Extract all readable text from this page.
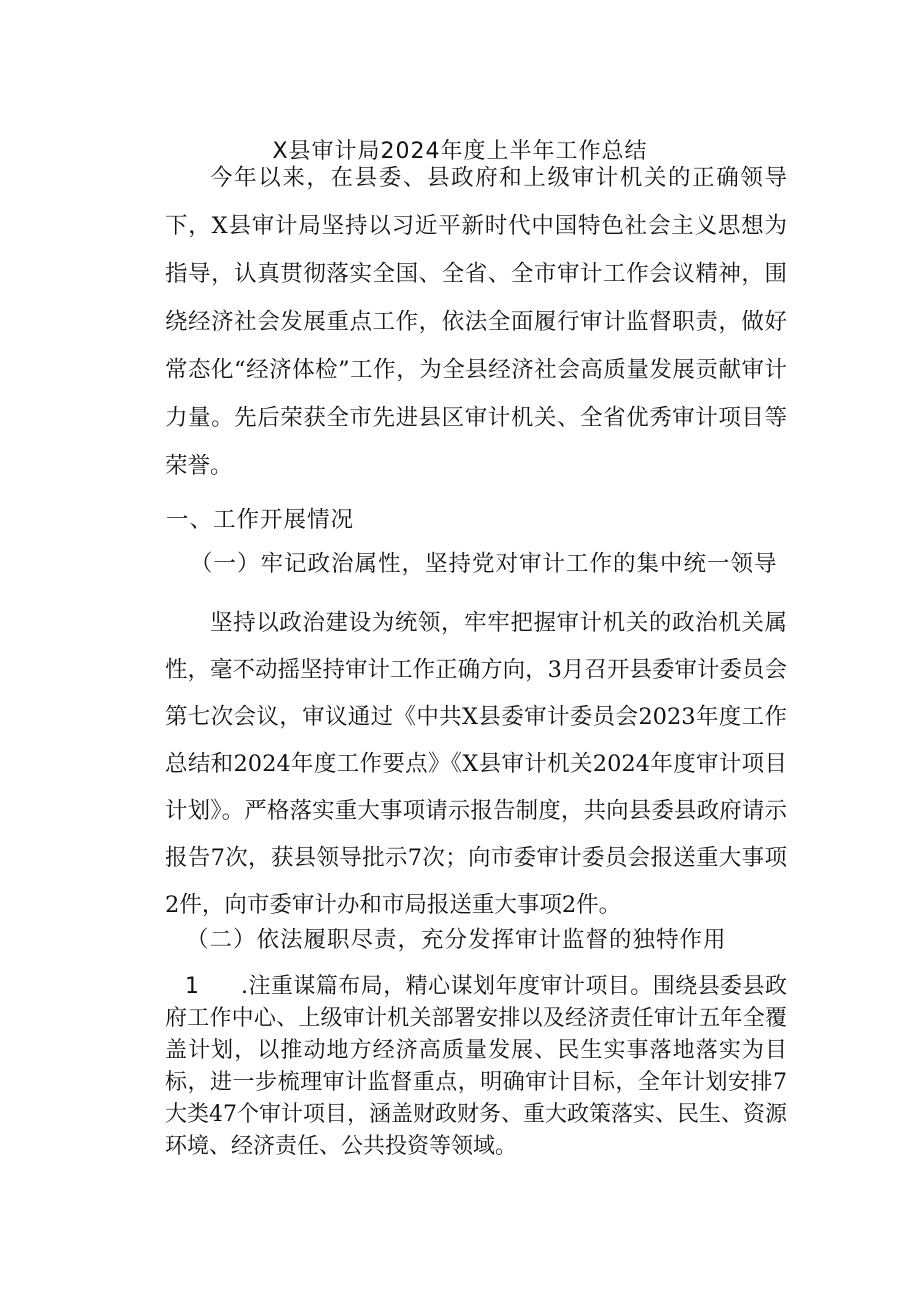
X县审计局2024年度上半年工作总结

今年以来，在县委、县政府和上级审计机关的正确领导下，X县审计局坚持以习近平新时代中国特色社会主义思想为指导，认真贯彻落实全国、全省、全市审计工作会议精神，围绕经济社会发展重点工作，依法全面履行审计监督职责，做好常态化“经济体检”工作，为全县经济社会高质量发展贡献审计力量。先后荣获全市先进县区审计机关、全省优秀审计项目等荣誉。

一、工作开展情况

（一）牢记政治属性，坚持党对审计工作的集中统一领导

坚持以政治建设为统领，牢牢把握审计机关的政治机关属性，毫不动摇坚持审计工作正确方向，3月召开县委审计委员会第七次会议，审议通过《中共X县委审计委员会2023年度工作总结和2024年度工作要点》《X县审计机关2024年度审计项目计划》。严格落实重大事项请示报告制度，共向县委县政府请示报告7次，获县领导批示7次；向市委审计委员会报送重大事项2件，向市委审计办和市局报送重大事项2件。

（二）依法履职尽责，充分发挥审计监督的独特作用

1 .注重谋篇布局，精心谋划年度审计项目。围绕县委县政府工作中心、上级审计机关部署安排以及经济责任审计五年全覆盖计划，以推动地方经济高质量发展、民生实事落地落实为目标，进一步梳理审计监督重点，明确审计目标，全年计划安排7大类47个审计项目，涵盖财政财务、重大政策落实、民生、资源环境、经济责任、公共投资等领域。
